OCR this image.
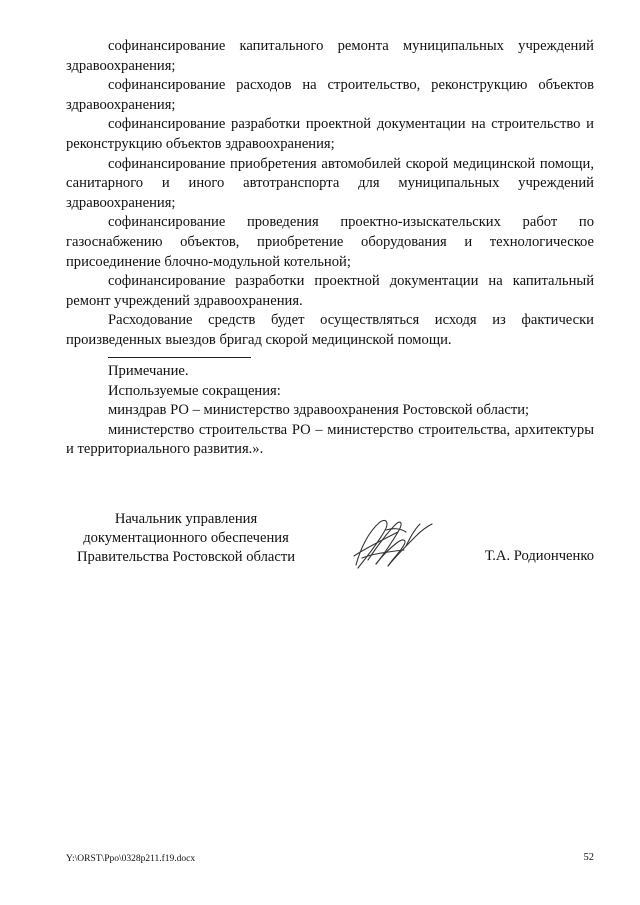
софинансирование капитального ремонта муниципальных учреждений здравоохранения;

софинансирование расходов на строительство, реконструкцию объектов здравоохранения;

софинансирование разработки проектной документации на строительство и реконструкцию объектов здравоохранения;

софинансирование приобретения автомобилей скорой медицинской помощи, санитарного и иного автотранспорта для муниципальных учреждений здравоохранения;

софинансирование проведения проектно-изыскательских работ по газоснабжению объектов, приобретение оборудования и технологическое присоединение блочно-модульной котельной;

софинансирование разработки проектной документации на капитальный ремонт учреждений здравоохранения.

Расходование средств будет осуществляться исходя из фактически произведенных выездов бригад скорой медицинской помощи.

Примечание.

Используемые сокращения:

минздрав РО – министерство здравоохранения Ростовской области;

министерство строительства РО – министерство строительства, архитектуры и территориального развития.».

Начальник управления
документационного обеспечения
Правительства Ростовской области	Т.А. Родионченко
Y:\ORST\Ppo\0328p211.f19.docx	52
